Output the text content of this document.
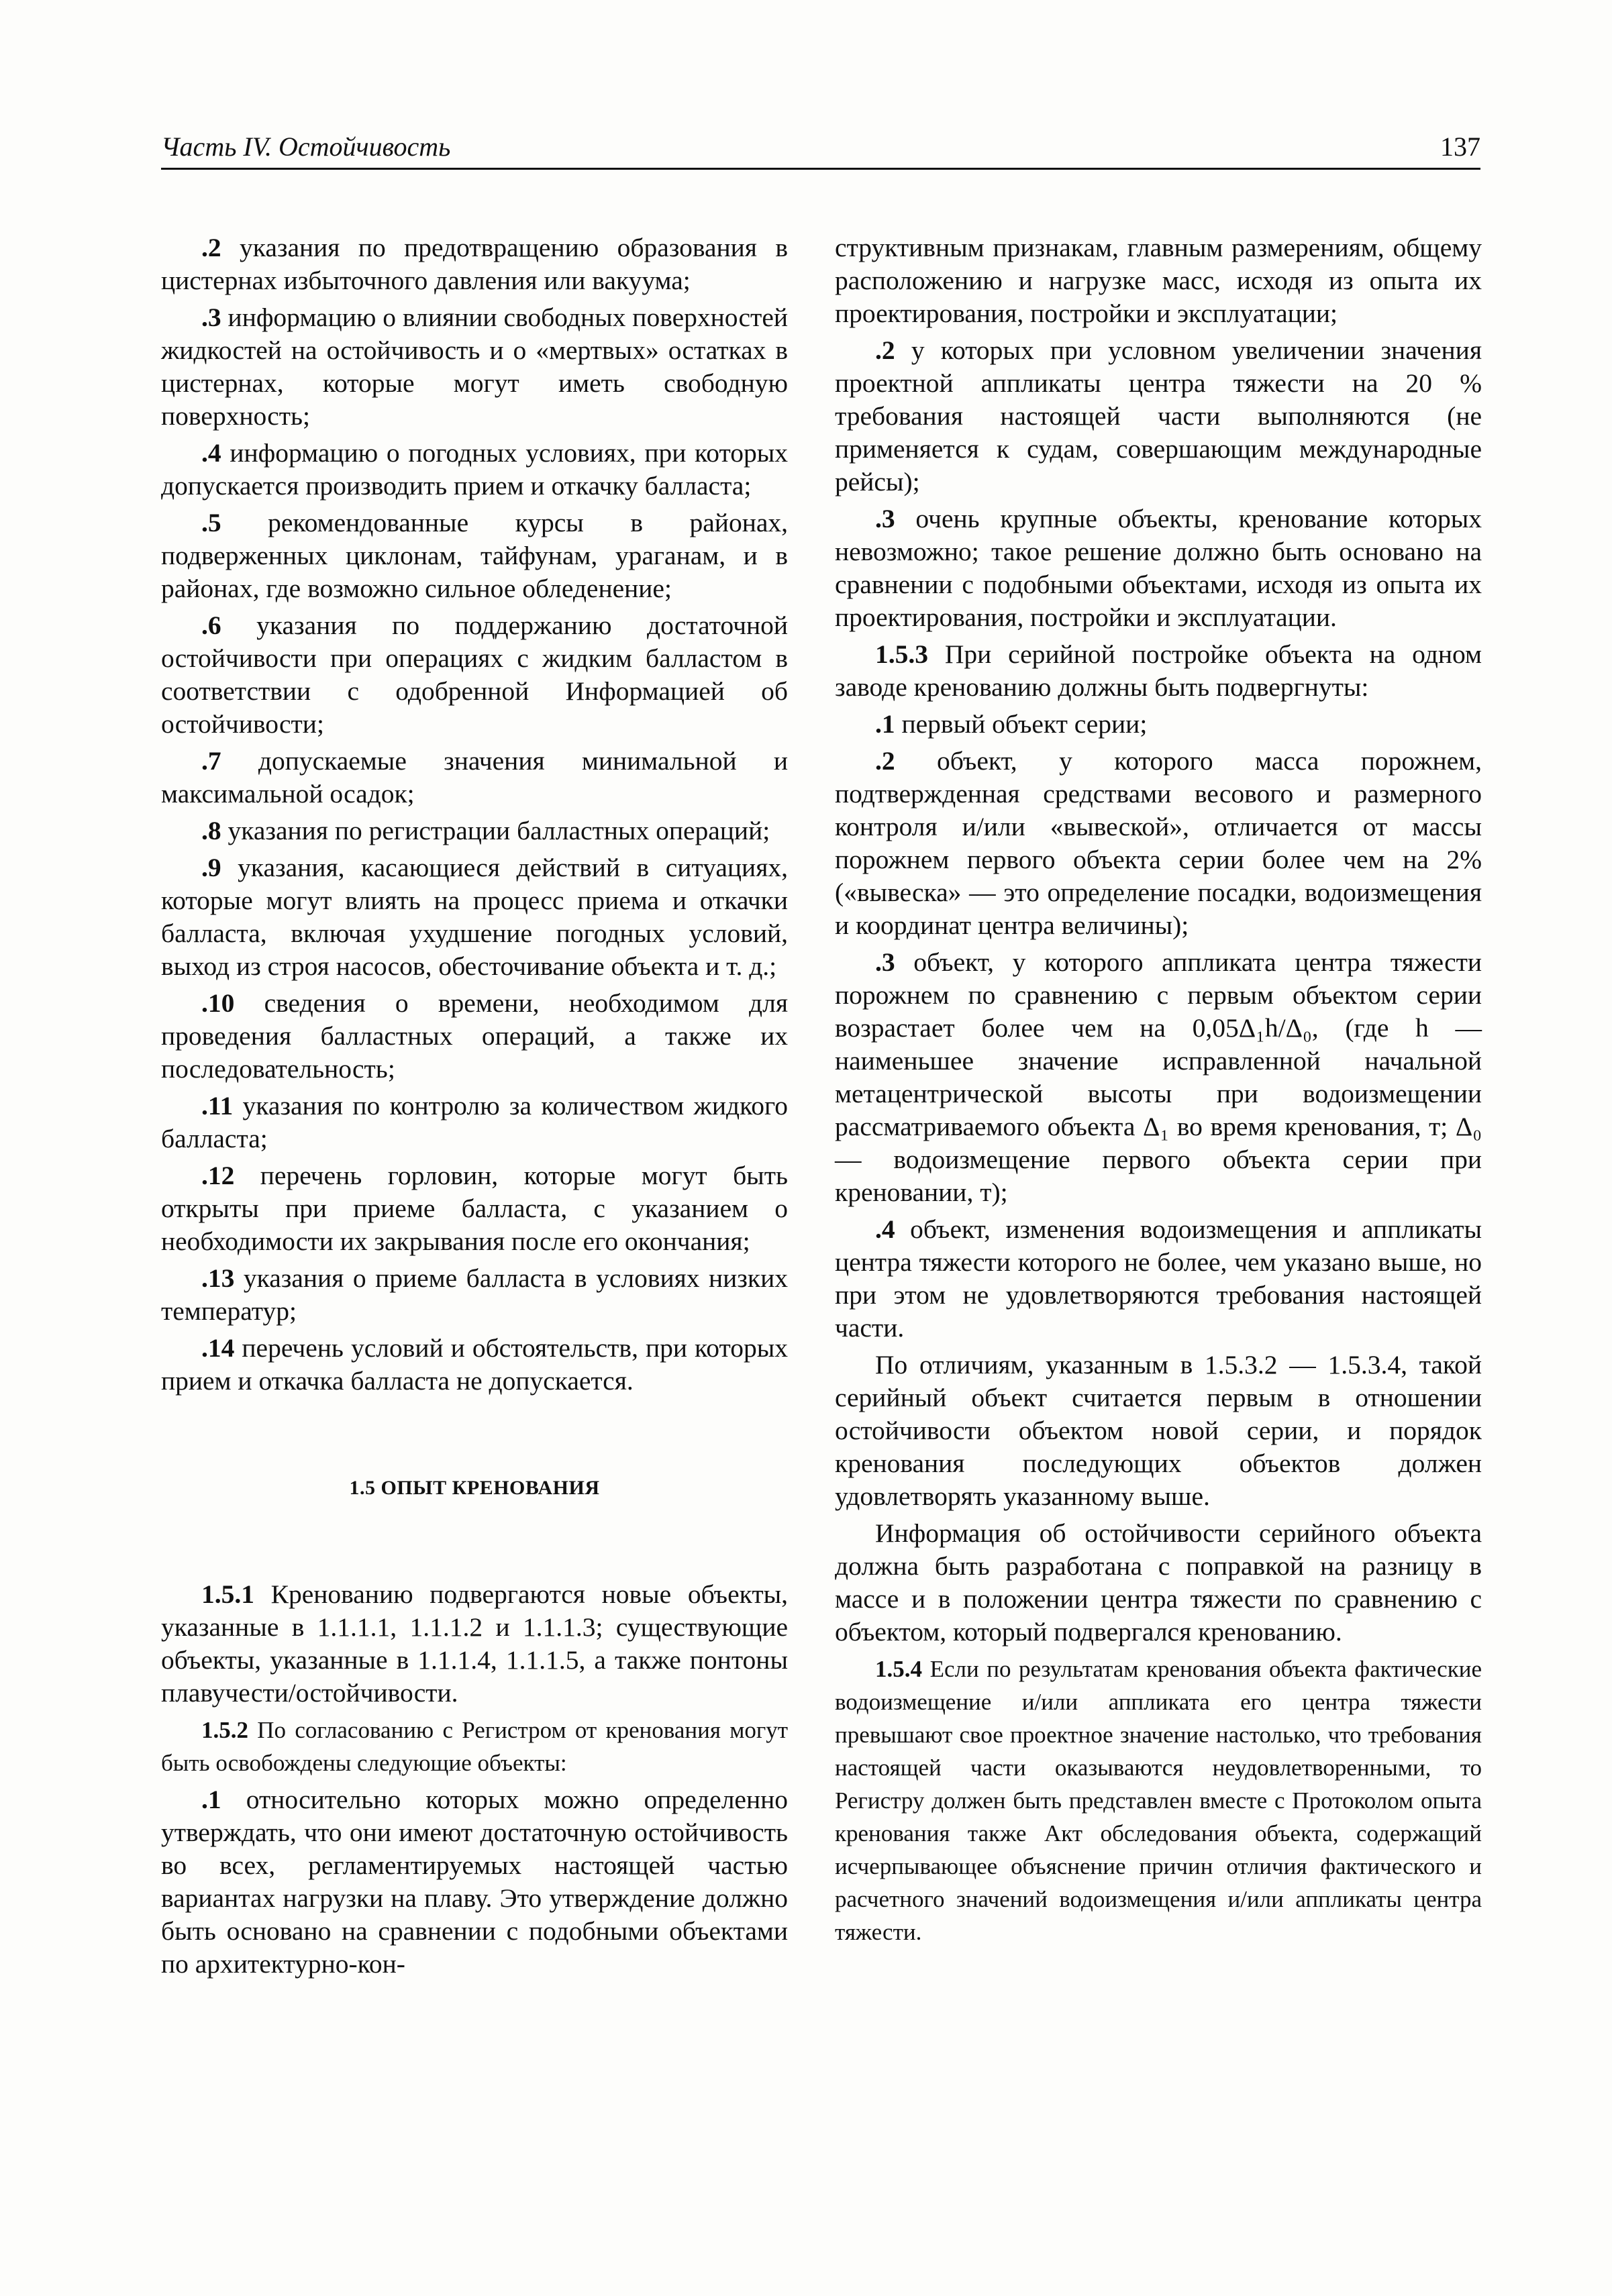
Часть IV. Остойчивость	137

.2 указания по предотвращению образования в цистернах избыточного давления или вакуума;

.3 информацию о влиянии свободных поверхностей жидкостей на остойчивость и о «мертвых» остатках в цистернах, которые могут иметь свободную поверхность;

.4 информацию о погодных условиях, при которых допускается производить прием и откачку балласта;

.5 рекомендованные курсы в районах, подверженных циклонам, тайфунам, ураганам, и в районах, где возможно сильное обледенение;

.6 указания по поддержанию достаточной остойчивости при операциях с жидким балластом в соответствии с одобренной Информацией об остойчивости;

.7 допускаемые значения минимальной и максимальной осадок;

.8 указания по регистрации балластных операций;

.9 указания, касающиеся действий в ситуациях, которые могут влиять на процесс приема и откачки балласта, включая ухудшение погодных условий, выход из строя насосов, обесточивание объекта и т. д.;

.10 сведения о времени, необходимом для проведения балластных операций, а также их последовательность;

.11 указания по контролю за количеством жидкого балласта;

.12 перечень горловин, которые могут быть открыты при приеме балласта, с указанием о необходимости их закрывания после его окончания;

.13 указания о приеме балласта в условиях низких температур;

.14 перечень условий и обстоятельств, при которых прием и откачка балласта не допускается.

1.5 ОПЫТ КРЕНОВАНИЯ

1.5.1 Кренованию подвергаются новые объекты, указанные в 1.1.1.1, 1.1.1.2 и 1.1.1.3; существующие объекты, указанные в 1.1.1.4, 1.1.1.5, а также понтоны плавучести/остойчивости.

1.5.2 По согласованию с Регистром от кренования могут быть освобождены следующие объекты:

.1 относительно которых можно определенно утверждать, что они имеют достаточную остойчивость во всех, регламентируемых настоящей частью вариантах нагрузки на плаву. Это утверждение должно быть основано на сравнении с подобными объектами по архитектурно-кон-

структивным признакам, главным размерениям, общему расположению и нагрузке масс, исходя из опыта их проектирования, постройки и эксплуатации;

.2 у которых при условном увеличении значения проектной аппликаты центра тяжести на 20 % требования настоящей части выполняются (не применяется к судам, совершающим международные рейсы);

.3 очень крупные объекты, кренование которых невозможно; такое решение должно быть основано на сравнении с подобными объектами, исходя из опыта их проектирования, постройки и эксплуатации.

1.5.3 При серийной постройке объекта на одном заводе кренованию должны быть подвергнуты:

.1 первый объект серии;

.2 объект, у которого масса порожнем, подтвержденная средствами весового и размерного контроля и/или «вывеской», отличается от массы порожнем первого объекта серии более чем на 2% («вывеска» — это определение посадки, водоизмещения и координат центра величины);

.3 объект, у которого аппликата центра тяжести порожнем по сравнению с первым объектом серии возрастает более чем на 0,05Δ₁h/Δ₀, (где h — наименьшее значение исправленной начальной метацентрической высоты при водоизмещении рассматриваемого объекта Δ₁ во время кренования, т; Δ₀ — водоизмещение первого объекта серии при креновании, т);

.4 объект, изменения водоизмещения и аппликаты центра тяжести которого не более, чем указано выше, но при этом не удовлетворяются требования настоящей части.

По отличиям, указанным в 1.5.3.2 — 1.5.3.4, такой серийный объект считается первым в отношении остойчивости объектом новой серии, и порядок кренования последующих объектов должен удовлетворять указанному выше.

Информация об остойчивости серийного объекта должна быть разработана с поправкой на разницу в массе и в положении центра тяжести по сравнению с объектом, который подвергался кренованию.

1.5.4 Если по результатам кренования объекта фактические водоизмещение и/или аппликата его центра тяжести превышают свое проектное значение настолько, что требования настоящей части оказываются неудовлетворенными, то Регистру должен быть представлен вместе с Протоколом опыта кренования также Акт обследования объекта, содержащий исчерпывающее объяснение причин отличия фактического и расчетного значений водоизмещения и/или аппликаты центра тяжести.
